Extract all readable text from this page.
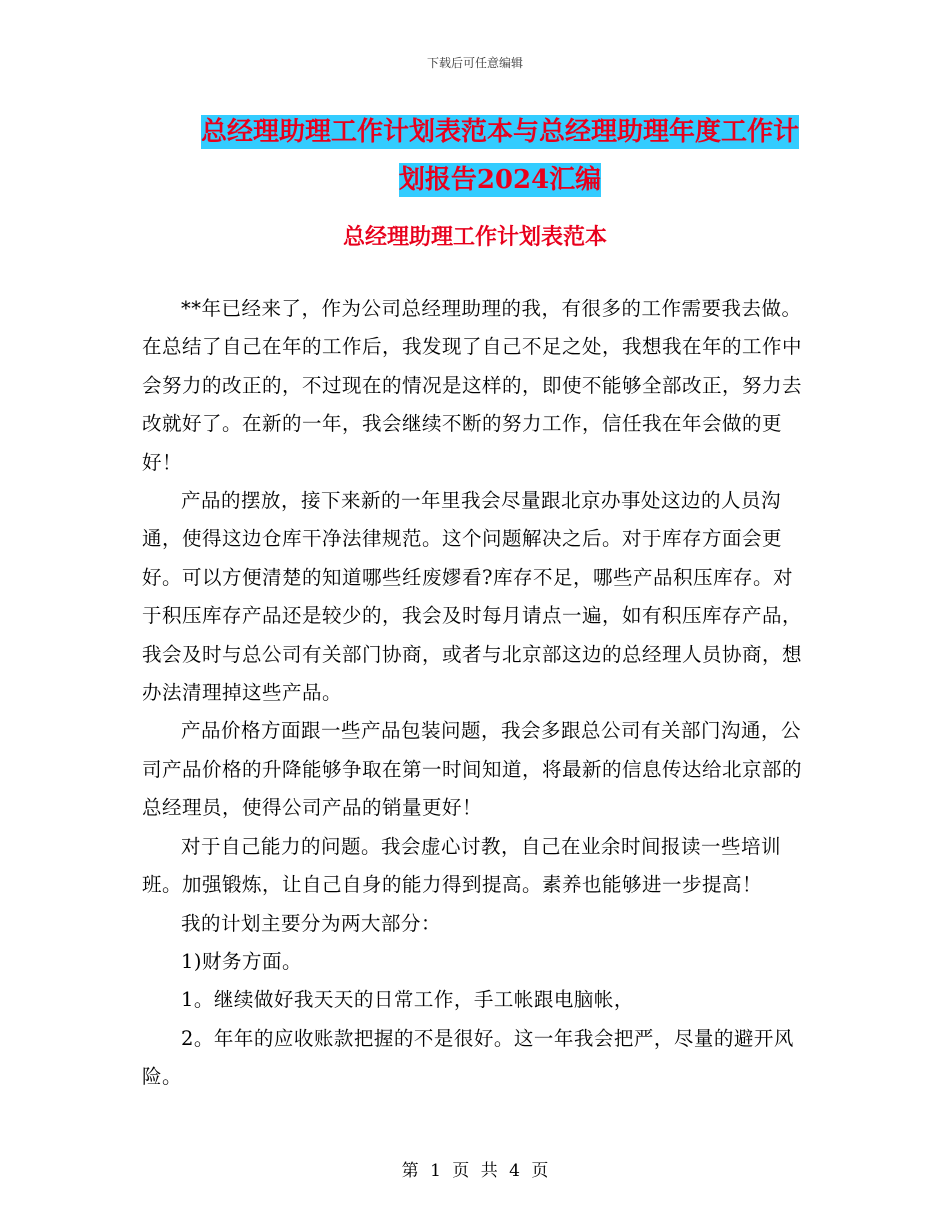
下载后可任意编辑
总经理助理工作计划表范本与总经理助理年度工作计
划报告2024汇编
总经理助理工作计划表范本

**年已经来了，作为公司总经理助理的我，有很多的工作需要我去做。在总结了自己在年的工作后，我发现了自己不足之处，我想我在年的工作中会努力的改正的，不过现在的情况是这样的，即使不能够全部改正，努力去改就好了。在新的一年，我会继续不断的努力工作，信任我在年会做的更好！

产品的摆放，接下来新的一年里我会尽量跟北京办事处这边的人员沟通，使得这边仓库干净法律规范。这个问题解决之后。对于库存方面会更好。可以方便清楚的知道哪些纴废嫪看?库存不足，哪些产品积压库存。对于积压库存产品还是较少的，我会及时每月请点一遍，如有积压库存产品，我会及时与总公司有关部门协商，或者与北京部这边的总经理人员协商，想办法清理掉这些产品。

产品价格方面跟一些产品包装问题，我会多跟总公司有关部门沟通，公司产品价格的升降能够争取在第一时间知道，将最新的信息传达给北京部的总经理员，使得公司产品的销量更好！

对于自己能力的问题。我会虚心讨教，自己在业余时间报读一些培训班。加强锻炼，让自己自身的能力得到提高。素养也能够进一步提高！

我的计划主要分为两大部分：

1)财务方面。

1。继续做好我天天的日常工作，手工帐跟电脑帐，

2。年年的应收账款把握的不是很好。这一年我会把严，尽量的避开风险。

第 1 页 共 4 页
